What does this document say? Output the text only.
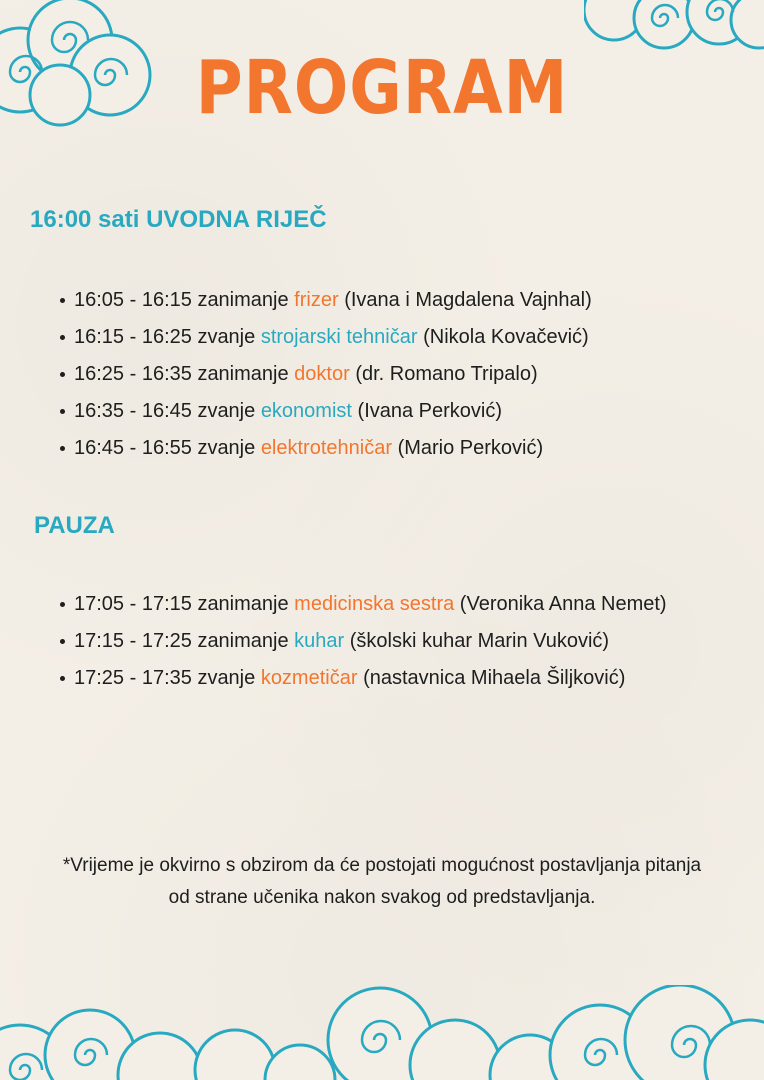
PROGRAM
16:00 sati UVODNA RIJEČ
16:05 - 16:15 zanimanje frizer (Ivana i Magdalena Vajnhal)
16:15 - 16:25 zvanje strojarski tehničar (Nikola Kovačević)
16:25 - 16:35 zanimanje doktor (dr. Romano Tripalo)
16:35 - 16:45 zvanje ekonomist (Ivana Perković)
16:45 - 16:55 zvanje elektrotehničar (Mario Perković)
PAUZA
17:05 - 17:15 zanimanje medicinska sestra (Veronika Anna Nemet)
17:15 - 17:25 zanimanje kuhar (školski kuhar Marin Vuković)
17:25 - 17:35 zvanje kozmetičar (nastavnica Mihaela Šiljković)
*Vrijeme je okvirno s obzirom da će postojati mogućnost postavljanja pitanja
od strane učenika nakon svakog od predstavljanja.
